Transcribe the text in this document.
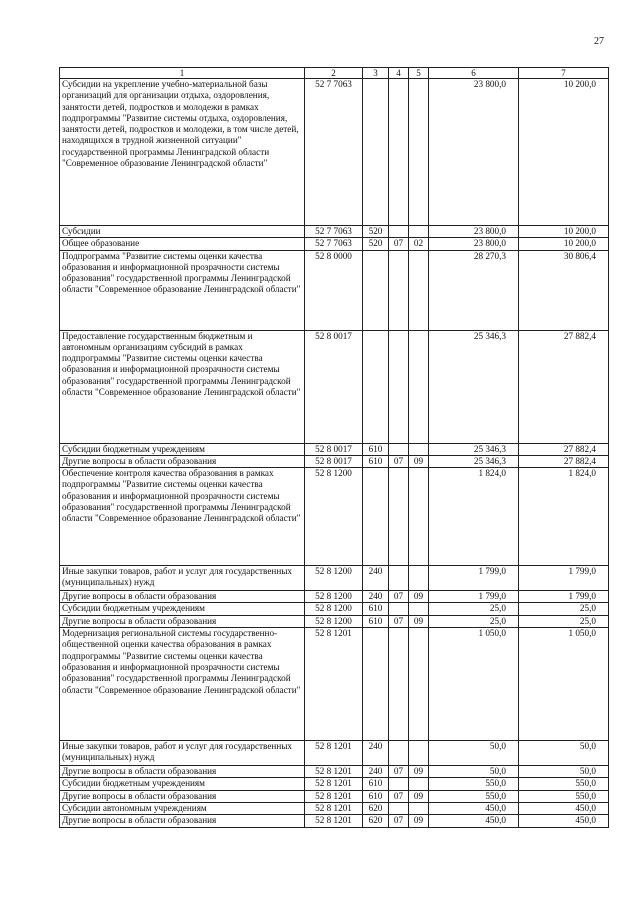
27
1	2	3	4	5	6	7
Субсидии на укрепление учебно-материальной базы организаций для организации отдыха, оздоровления, занятости детей, подростков и молодежи в рамках подпрограммы "Развитие системы отдыха, оздоровления, занятости детей, подростков и молодежи, в том числе детей, находящихся в трудной жизненной ситуации" государственной программы Ленинградской области "Современное образование Ленинградской области"	52 7 7063				23 800,0	10 200,0
Субсидии	52 7 7063	520			23 800,0	10 200,0
Общее образование	52 7 7063	520	07	02	23 800,0	10 200,0
Подпрограмма "Развитие системы оценки качества образования и информационной прозрачности системы образования" государственной программы Ленинградской области "Современное образование Ленинградской области"	52 8 0000				28 270,3	30 806,4
Предоставление государственным бюджетным и автономным организациям субсидий в рамках подпрограммы "Развитие системы оценки качества образования и информационной прозрачности системы образования" государственной программы Ленинградской области "Современное образование Ленинградской области"	52 8 0017				25 346,3	27 882,4
Субсидии бюджетным учреждениям	52 8 0017	610			25 346,3	27 882,4
Другие вопросы в области образования	52 8 0017	610	07	09	25 346,3	27 882,4
Обеспечение контроля качества образования в рамках подпрограммы "Развитие системы оценки качества образования и информационной прозрачности системы образования" государственной программы Ленинградской области "Современное образование Ленинградской области"	52 8 1200				1 824,0	1 824,0
Иные закупки товаров, работ и услуг для государственных (муниципальных) нужд	52 8 1200	240			1 799,0	1 799,0
Другие вопросы в области образования	52 8 1200	240	07	09	1 799,0	1 799,0
Субсидии бюджетным учреждениям	52 8 1200	610			25,0	25,0
Другие вопросы в области образования	52 8 1200	610	07	09	25,0	25,0
Модернизация региональной системы государственно-общественной оценки качества образования в рамках подпрограммы "Развитие системы оценки качества образования и информационной прозрачности системы образования" государственной программы Ленинградской области "Современное образование Ленинградской области"	52 8 1201				1 050,0	1 050,0
Иные закупки товаров, работ и услуг для государственных (муниципальных) нужд	52 8 1201	240			50,0	50,0
Другие вопросы в области образования	52 8 1201	240	07	09	50,0	50,0
Субсидии бюджетным учреждениям	52 8 1201	610			550,0	550,0
Другие вопросы в области образования	52 8 1201	610	07	09	550,0	550,0
Субсидии автономным учреждениям	52 8 1201	620			450,0	450,0
Другие вопросы в области образования	52 8 1201	620	07	09	450,0	450,0
